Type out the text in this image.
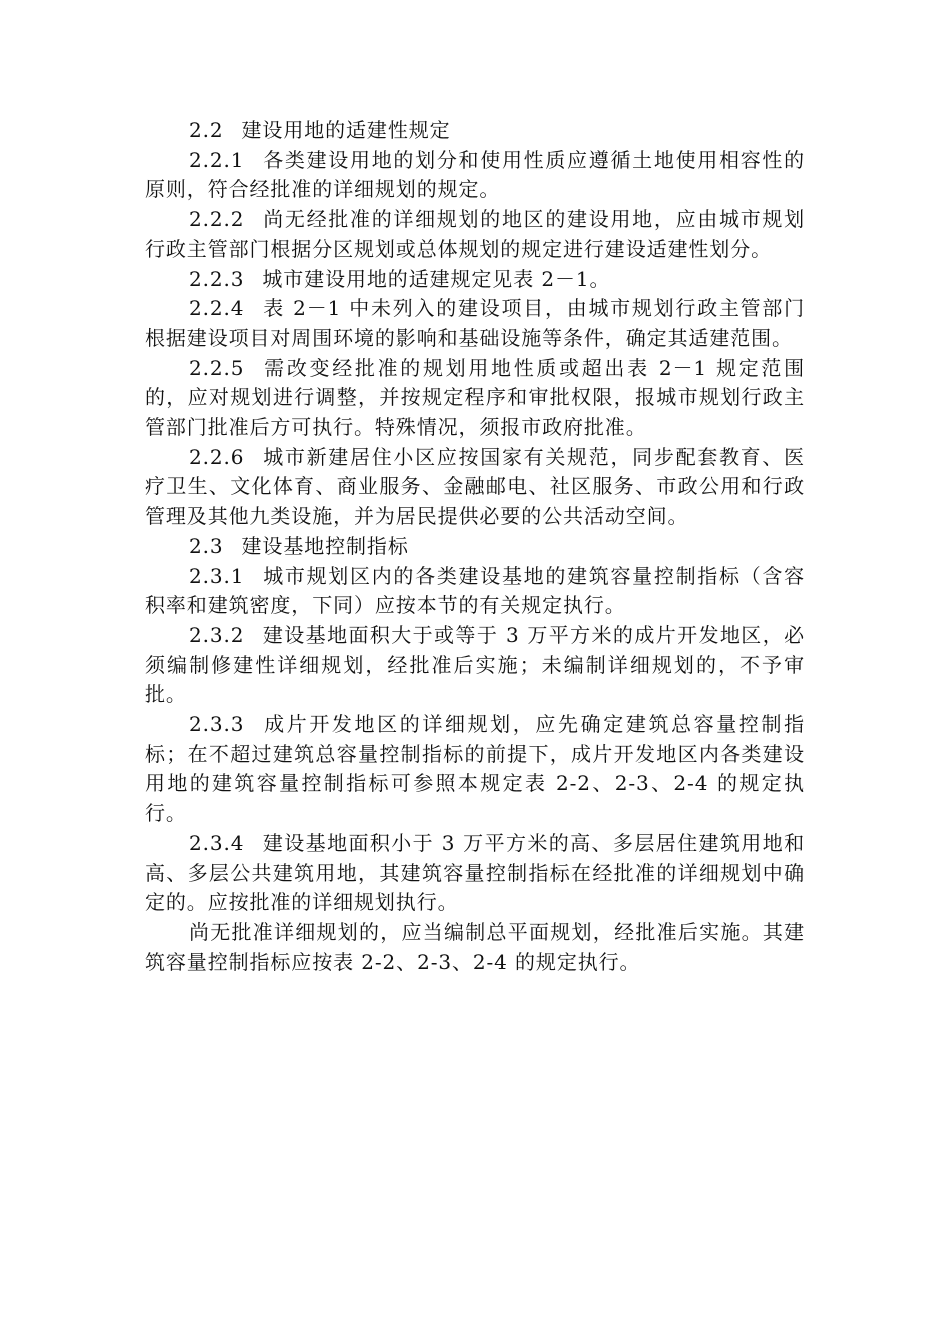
2.2 建设用地的适建性规定

2.2.1 各类建设用地的划分和使用性质应遵循土地使用相容性的原则，符合经批准的详细规划的规定。

2.2.2 尚无经批准的详细规划的地区的建设用地，应由城市规划行政主管部门根据分区规划或总体规划的规定进行建设适建性划分。

2.2.3 城市建设用地的适建规定见表 2－1。

2.2.4 表 2－1 中未列入的建设项目，由城市规划行政主管部门根据建设项目对周围环境的影响和基础设施等条件，确定其适建范围。

2.2.5 需改变经批准的规划用地性质或超出表 2－1 规定范围的，应对规划进行调整，并按规定程序和审批权限，报城市规划行政主管部门批准后方可执行。特殊情况，须报市政府批准。

2.2.6 城市新建居住小区应按国家有关规范，同步配套教育、医疗卫生、文化体育、商业服务、金融邮电、社区服务、市政公用和行政管理及其他九类设施，并为居民提供必要的公共活动空间。

2.3 建设基地控制指标

2.3.1 城市规划区内的各类建设基地的建筑容量控制指标（含容积率和建筑密度，下同）应按本节的有关规定执行。

2.3.2 建设基地面积大于或等于 3 万平方米的成片开发地区，必须编制修建性详细规划，经批准后实施；未编制详细规划的，不予审批。

2.3.3 成片开发地区的详细规划，应先确定建筑总容量控制指标；在不超过建筑总容量控制指标的前提下，成片开发地区内各类建设用地的建筑容量控制指标可参照本规定表 2-2、2-3、2-4 的规定执行。

2.3.4 建设基地面积小于 3 万平方米的高、多层居住建筑用地和高、多层公共建筑用地，其建筑容量控制指标在经批准的详细规划中确定的。应按批准的详细规划执行。

尚无批准详细规划的，应当编制总平面规划，经批准后实施。其建筑容量控制指标应按表 2-2、2-3、2-4 的规定执行。
